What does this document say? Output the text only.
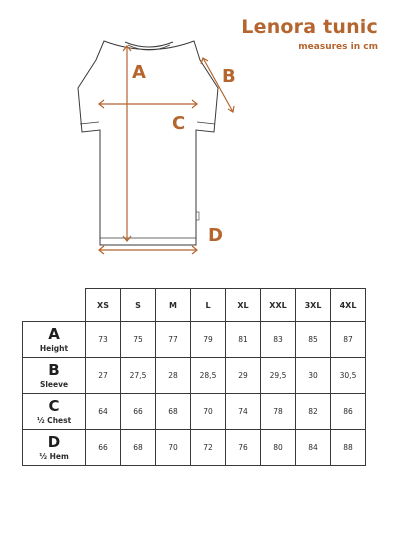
Lenora tunic
measures in cm
A	B
C
D
	XS	S	M	L	XL	XXL	3XL	4XL

A
Height	73	75	77	79	81	83	85	87

B
Sleeve	27	27,5	28	28,5	29	29,5	30	30,5

C
½ Chest	64	66	68	70	74	78	82	86

D
½ Hem	66	68	70	72	76	80	84	88
